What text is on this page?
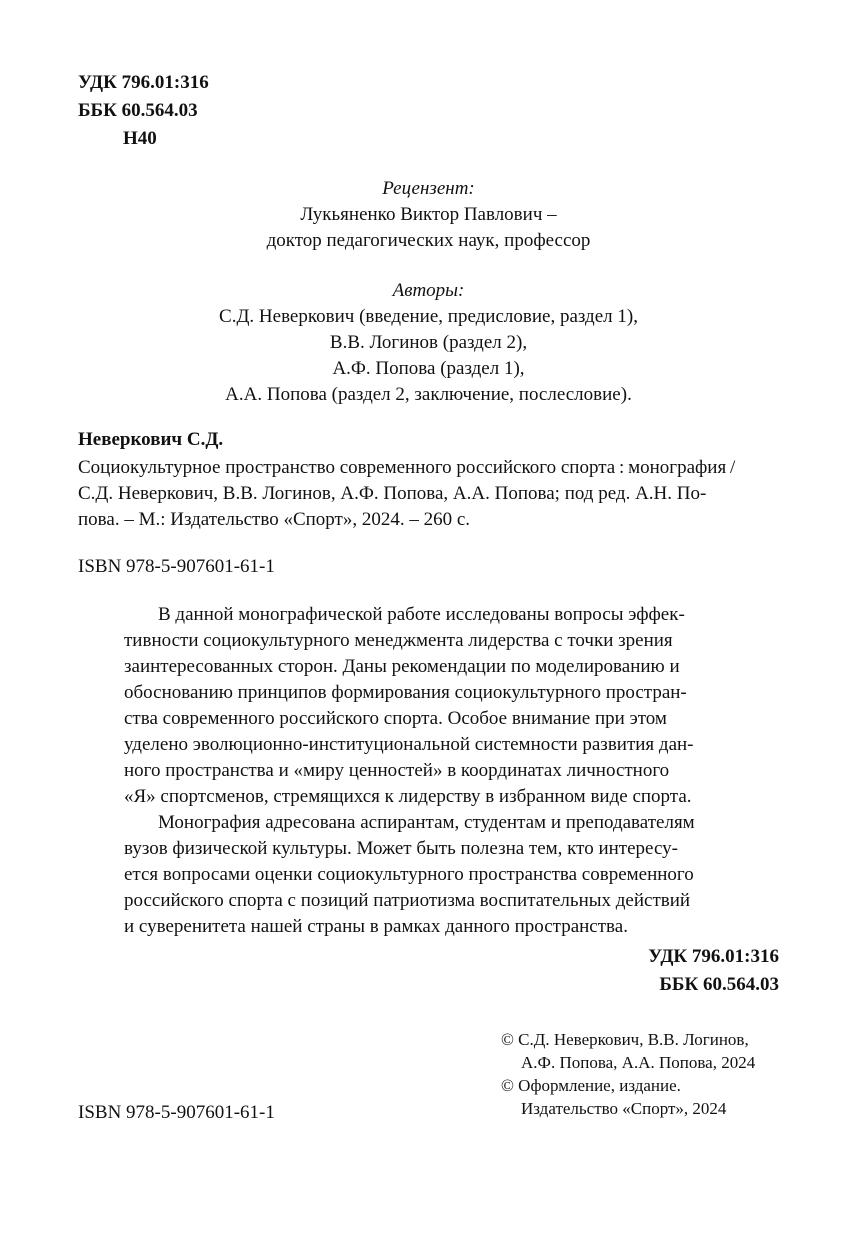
УДК 796.01:316
ББК 60.564.03
Н40
Рецензент:
Лукьяненко Виктор Павлович –
доктор педагогических наук, профессор
Авторы:
С.Д. Неверкович (введение, предисловие, раздел 1),
В.В. Логинов (раздел 2),
А.Ф. Попова (раздел 1),
А.А. Попова (раздел 2, заключение, послесловие).
Неверкович С.Д.
Социокультурное пространство современного российского спорта : монография /
С.Д. Неверкович, В.В. Логинов, А.Ф. Попова, А.А. Попова; под ред. А.Н. По-
пова. – М.: Издательство «Спорт», 2024. – 260 с.
ISBN 978-5-907601-61-1
В данной монографической работе исследованы вопросы эффек-
тивности социокультурного менеджмента лидерства с точки зрения
заинтересованных сторон. Даны рекомендации по моделированию и
обоснованию принципов формирования социокультурного простран-
ства современного российского спорта. Особое внимание при этом
уделено эволюционно-институциональной системности развития дан-
ного пространства и «миру ценностей» в координатах личностного
«Я» спортсменов, стремящихся к лидерству в избранном виде спорта.
Монография адресована аспирантам, студентам и преподавателям
вузов физической культуры. Может быть полезна тем, кто интересу-
ется вопросами оценки социокультурного пространства современного
российского спорта с позиций патриотизма воспитательных действий
и суверенитета нашей страны в рамках данного пространства.
УДК 796.01:316
ББК 60.564.03
© С.Д. Неверкович, В.В. Логинов,
А.Ф. Попова, А.А. Попова, 2024
© Оформление, издание.
Издательство «Спорт», 2024
ISBN 978-5-907601-61-1
